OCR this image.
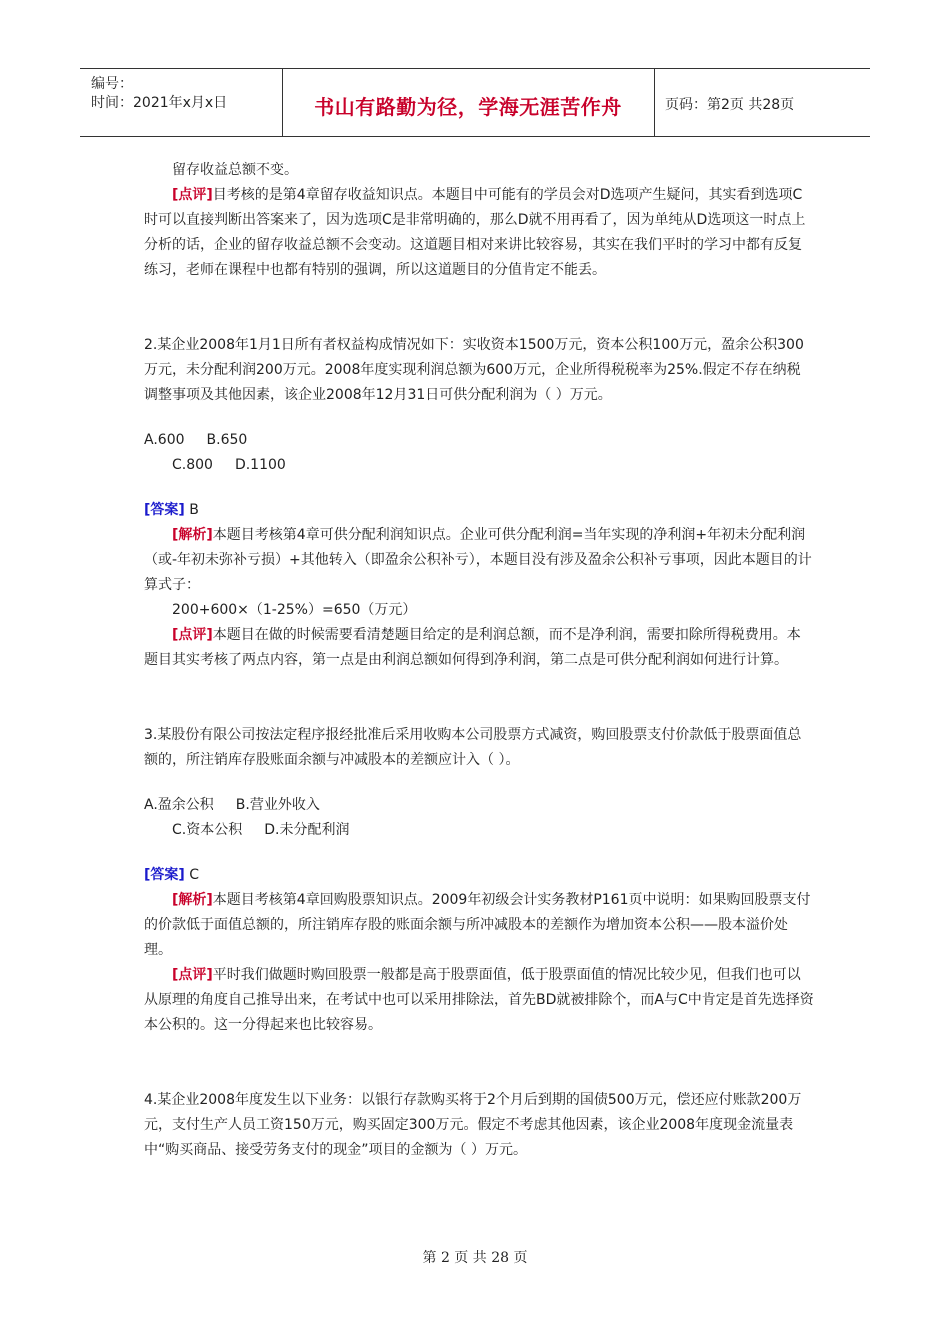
编号：
时间：2021年x月x日	书山有路勤为径，学海无涯苦作舟	页码：第2页 共28页

留存收益总额不变。

[点评]目考核的是第4章留存收益知识点。本题目中可能有的学员会对D选项产生疑问，其实看到选项C时可以直接判断出答案来了，因为选项C是非常明确的，那么D就不用再看了，因为单纯从D选项这一时点上分析的话，企业的留存收益总额不会变动。这道题目相对来讲比较容易，其实在我们平时的学习中都有反复练习，老师在课程中也都有特别的强调，所以这道题目的分值肯定不能丢。

2.某企业2008年1月1日所有者权益构成情况如下：实收资本1500万元，资本公积100万元，盈余公积300万元，未分配利润200万元。2008年度实现利润总额为600万元，企业所得税税率为25%.假定不存在纳税调整事项及其他因素，该企业2008年12月31日可供分配利润为（ ）万元。

A.600 B.650

C.800 D.1100

[答案] B

[解析]本题目考核第4章可供分配利润知识点。企业可供分配利润=当年实现的净利润+年初未分配利润（或-年初未弥补亏损）+其他转入（即盈余公积补亏），本题目没有涉及盈余公积补亏事项，因此本题目的计算式子：

200+600×（1-25%）=650（万元）

[点评]本题目在做的时候需要看清楚题目给定的是利润总额，而不是净利润，需要扣除所得税费用。本题目其实考核了两点内容，第一点是由利润总额如何得到净利润，第二点是可供分配利润如何进行计算。

3.某股份有限公司按法定程序报经批准后采用收购本公司股票方式减资，购回股票支付价款低于股票面值总额的，所注销库存股账面余额与冲减股本的差额应计入（ ）。

A.盈余公积 B.营业外收入

C.资本公积 D.未分配利润

[答案] C

[解析]本题目考核第4章回购股票知识点。2009年初级会计实务教材P161页中说明：如果购回股票支付的价款低于面值总额的，所注销库存股的账面余额与所冲减股本的差额作为增加资本公积——股本溢价处理。

[点评]平时我们做题时购回股票一般都是高于股票面值，低于股票面值的情况比较少见，但我们也可以从原理的角度自己推导出来，在考试中也可以采用排除法，首先BD就被排除个，而A与C中肯定是首先选择资本公积的。这一分得起来也比较容易。

4.某企业2008年度发生以下业务：以银行存款购买将于2个月后到期的国债500万元，偿还应付账款200万元，支付生产人员工资150万元，购买固定300万元。假定不考虑其他因素，该企业2008年度现金流量表中“购买商品、接受劳务支付的现金”项目的金额为（ ）万元。

第 2 页 共 28 页
